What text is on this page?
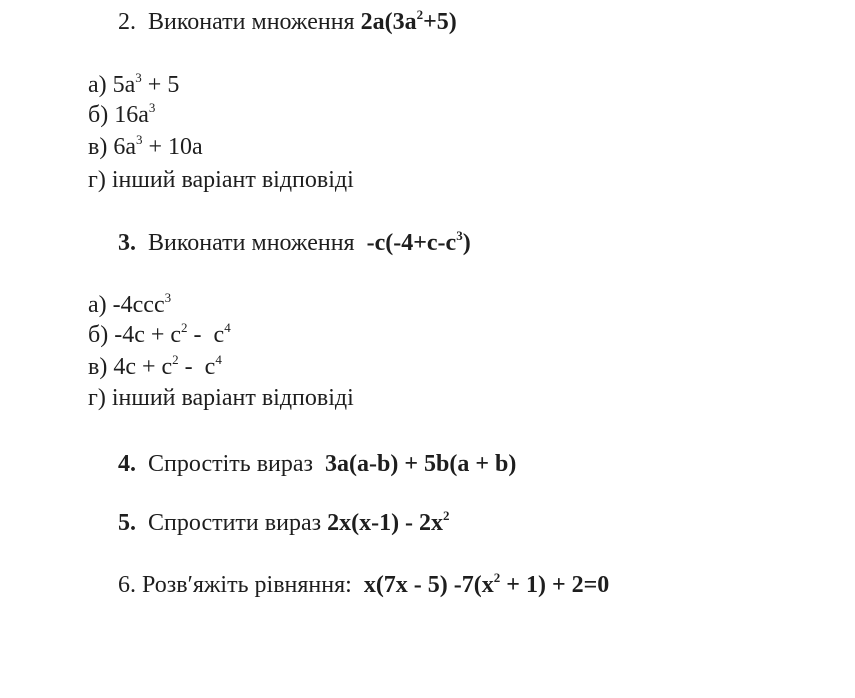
2.  Виконати множення $2a(3a^2+5)$
а) $5a^3 + 5$
б) $16a^3$
в) $6a^3 + 10a$
г) інший варіант відповіді
3.  Виконати множення  $-c(-4+c-c^3)$
а) -4ccc$^3$
б) $-4c + c^2 - c^4$
в) $4c + c^2 - c^4$
г) інший варіант відповіді
4.  Спростіть вираз  3a(a-b) + 5b(a + b)
5.  Спростити вираз $2x(x-1) - 2x^2$
6. Розв′яжіть рівняння:  x(7x - 5) $-7(x^2 + 1) + 2=0$
